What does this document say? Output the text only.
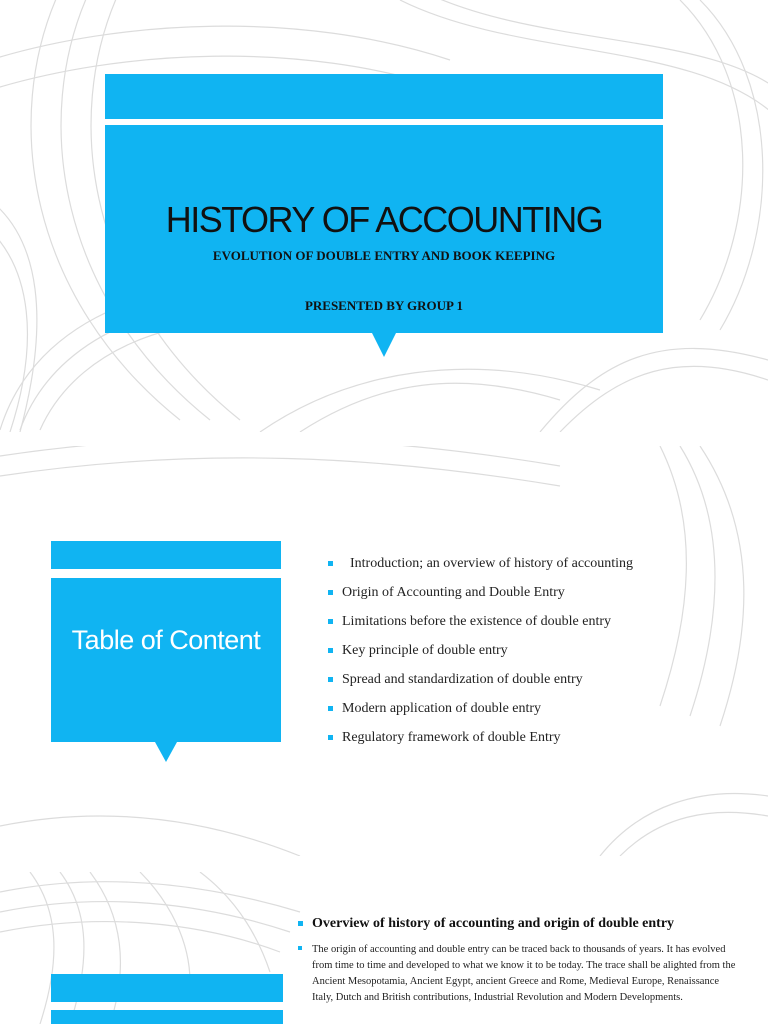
HISTORY OF ACCOUNTING
EVOLUTION OF DOUBLE ENTRY AND BOOK KEEPING
PRESENTED BY GROUP 1
Table of Content
Introduction; an overview of history of accounting
Origin of Accounting and Double Entry
Limitations before the existence of double entry
Key principle of double entry
Spread and standardization of double entry
Modern application of double entry
Regulatory framework of double Entry
Overview of history of accounting and origin of double entry

The origin of accounting and double entry can be traced back to thousands of years. It has evolved from time to time and developed to what we know it to be today. The trace shall be alighted from the Ancient Mesopotamia, Ancient Egypt, ancient Greece and Rome, Medieval Europe, Renaissance Italy, Dutch and British contributions, Industrial Revolution and Modern Developments.
